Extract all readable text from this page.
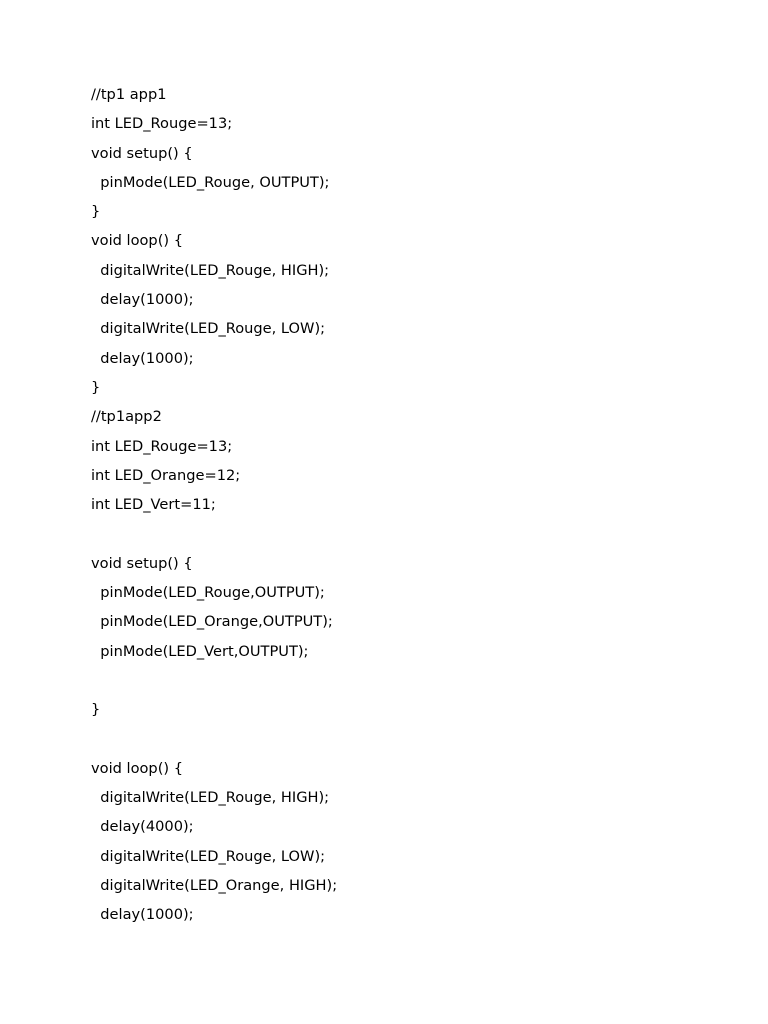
//tp1 app1
int LED_Rouge=13;
void setup() {
pinMode(LED_Rouge, OUTPUT);
}
void loop() {
digitalWrite(LED_Rouge, HIGH);
delay(1000);
digitalWrite(LED_Rouge, LOW);
delay(1000);
}
//tp1app2
int LED_Rouge=13;
int LED_Orange=12;
int LED_Vert=11;
void setup() {
pinMode(LED_Rouge,OUTPUT);
pinMode(LED_Orange,OUTPUT);
pinMode(LED_Vert,OUTPUT);
}
void loop() {
digitalWrite(LED_Rouge, HIGH);
delay(4000);
digitalWrite(LED_Rouge, LOW);
digitalWrite(LED_Orange, HIGH);
delay(1000);
